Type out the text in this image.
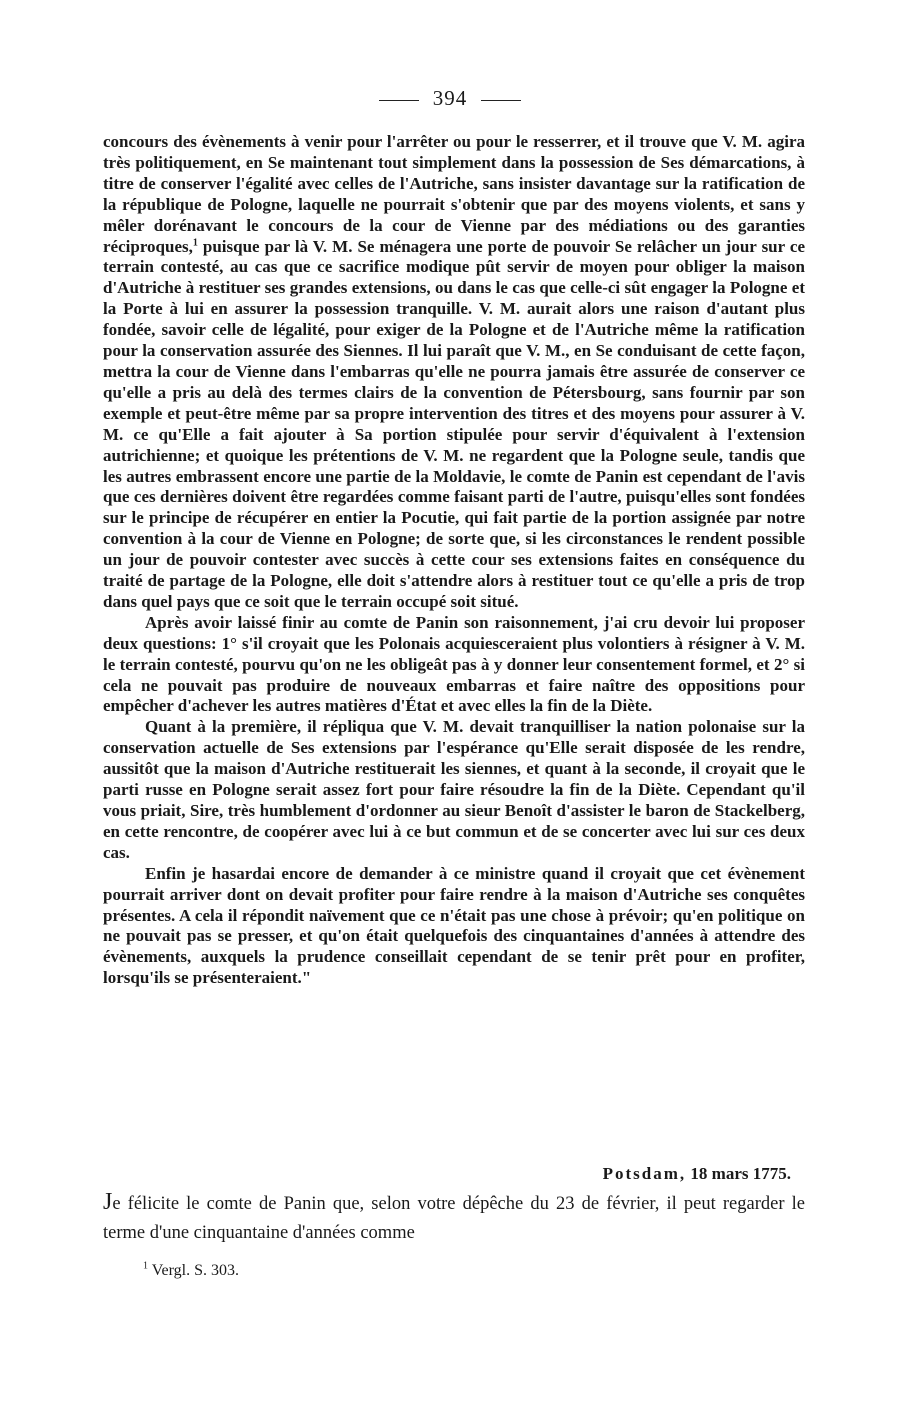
394

concours des évènements à venir pour l'arrêter ou pour le resserrer, et il trouve que V. M. agira très politiquement, en Se maintenant tout simplement dans la possession de Ses démarcations, à titre de conserver l'égalité avec celles de l'Autriche, sans insister davantage sur la ratification de la république de Pologne, laquelle ne pourrait s'obtenir que par des moyens violents, et sans y mêler dorénavant le concours de la cour de Vienne par des médiations ou des garanties réciproques,$^1$ puisque par là V. M. Se ménagera une porte de pouvoir Se relâcher un jour sur ce terrain contesté, au cas que ce sacrifice modique pût servir de moyen pour obliger la maison d'Autriche à restituer ses grandes extensions, ou dans le cas que celle-ci sût engager la Pologne et la Porte à lui en assurer la possession tranquille. V. M. aurait alors une raison d'autant plus fondée, savoir celle de légalité, pour exiger de la Pologne et de l'Autriche même la ratification pour la conservation assurée des Siennes. Il lui paraît que V. M., en Se conduisant de cette façon, mettra la cour de Vienne dans l'embarras qu'elle ne pourra jamais être assurée de conserver ce qu'elle a pris au delà des termes clairs de la convention de Pétersbourg, sans fournir par son exemple et peut-être même par sa propre intervention des titres et des moyens pour assurer à V. M. ce qu'Elle a fait ajouter à Sa portion stipulée pour servir d'équivalent à l'extension autrichienne; et quoique les prétentions de V. M. ne regardent que la Pologne seule, tandis que les autres embrassent encore une partie de la Moldavie, le comte de Panin est cependant de l'avis que ces dernières doivent être regardées comme faisant parti de l'autre, puisqu'elles sont fondées sur le principe de récupérer en entier la Pocutie, qui fait partie de la portion assignée par notre convention à la cour de Vienne en Pologne; de sorte que, si les circonstances le rendent possible un jour de pouvoir contester avec succès à cette cour ses extensions faites en conséquence du traité de partage de la Pologne, elle doit s'attendre alors à restituer tout ce qu'elle a pris de trop dans quel pays que ce soit que le terrain occupé soit situé.

Après avoir laissé finir au comte de Panin son raisonnement, j'ai cru devoir lui proposer deux questions: 1° s'il croyait que les Polonais acquiesceraient plus volontiers à résigner à V. M. le terrain contesté, pourvu qu'on ne les obligeât pas à y donner leur consentement formel, et 2° si cela ne pouvait pas produire de nouveaux embarras et faire naître des oppositions pour empêcher d'achever les autres matières d'État et avec elles la fin de la Diète.

Quant à la première, il répliqua que V. M. devait tranquilliser la nation polonaise sur la conservation actuelle de Ses extensions par l'espérance qu'Elle serait disposée de les rendre, aussitôt que la maison d'Autriche restituerait les siennes, et quant à la seconde, il croyait que le parti russe en Pologne serait assez fort pour faire résoudre la fin de la Diète. Cependant qu'il vous priait, Sire, très humblement d'ordonner au sieur Benoît d'assister le baron de Stackelberg, en cette rencontre, de coopérer avec lui à ce but commun et de se concerter avec lui sur ces deux cas.

Enfin je hasardai encore de demander à ce ministre quand il croyait que cet évènement pourrait arriver dont on devait profiter pour faire rendre à la maison d'Autriche ses conquêtes présentes. A cela il répondit naïvement que ce n'était pas une chose à prévoir; qu'en politique on ne pouvait pas se presser, et qu'on était quelquefois des cinquantaines d'années à attendre des évènements, auxquels la prudence conseillait cependant de se tenir prêt pour en profiter, lorsqu'ils se présenteraient."

Potsdam, 18 mars 1775.
Je félicite le comte de Panin que, selon votre dépêche du 23 de février, il peut regarder le terme d'une cinquantaine d'années comme
$^1$ Vergl. S. 303.
